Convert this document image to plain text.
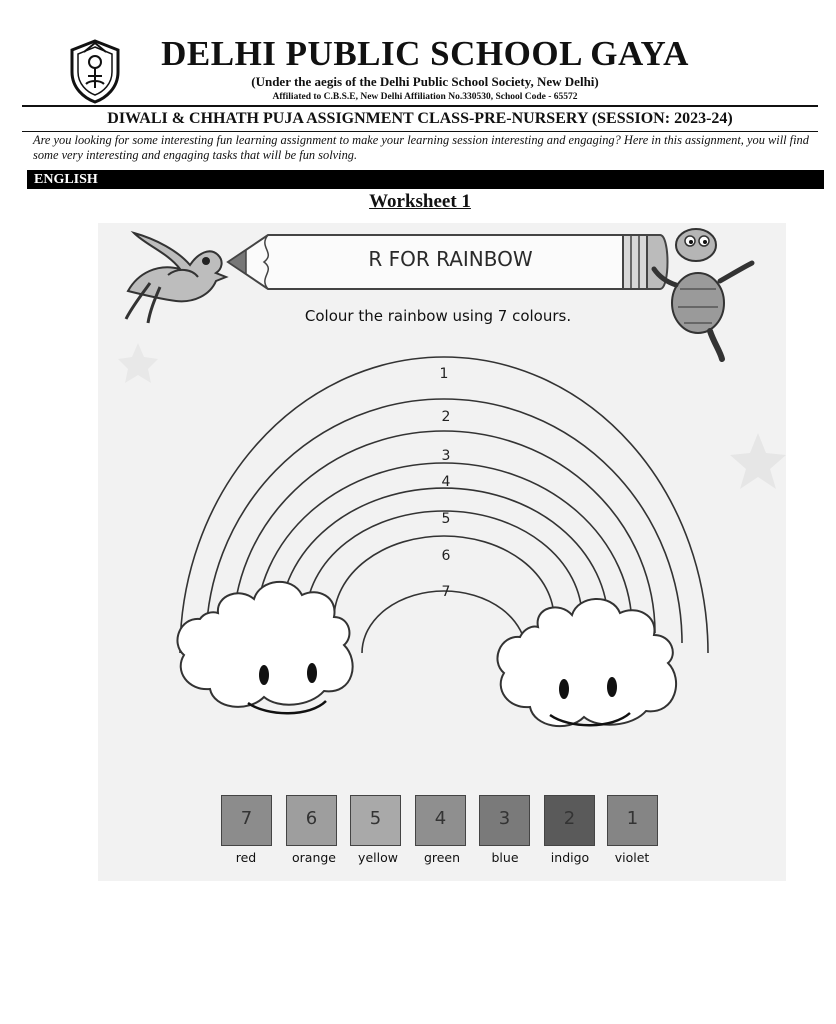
DELHI PUBLIC SCHOOL GAYA
(Under the aegis of the Delhi Public School Society, New Delhi)
Affiliated to C.B.S.E, New Delhi Affiliation No.330530, School Code - 65572
DIWALI & CHHATH PUJA ASSIGNMENT CLASS-PRE-NURSERY (SESSION: 2023-24)
Are you looking for some interesting fun learning assignment to make your learning session interesting and engaging? Here in this assignment, you will find some very interesting and engaging tasks that will be fun solving.
ENGLISH
Worksheet 1
R FOR RAINBOW
Colour the rainbow using 7 colours.
1
2
3
4
5
6
7
7
red
6
orange
5
yellow
4
green
3
blue
2
indigo
1
violet
